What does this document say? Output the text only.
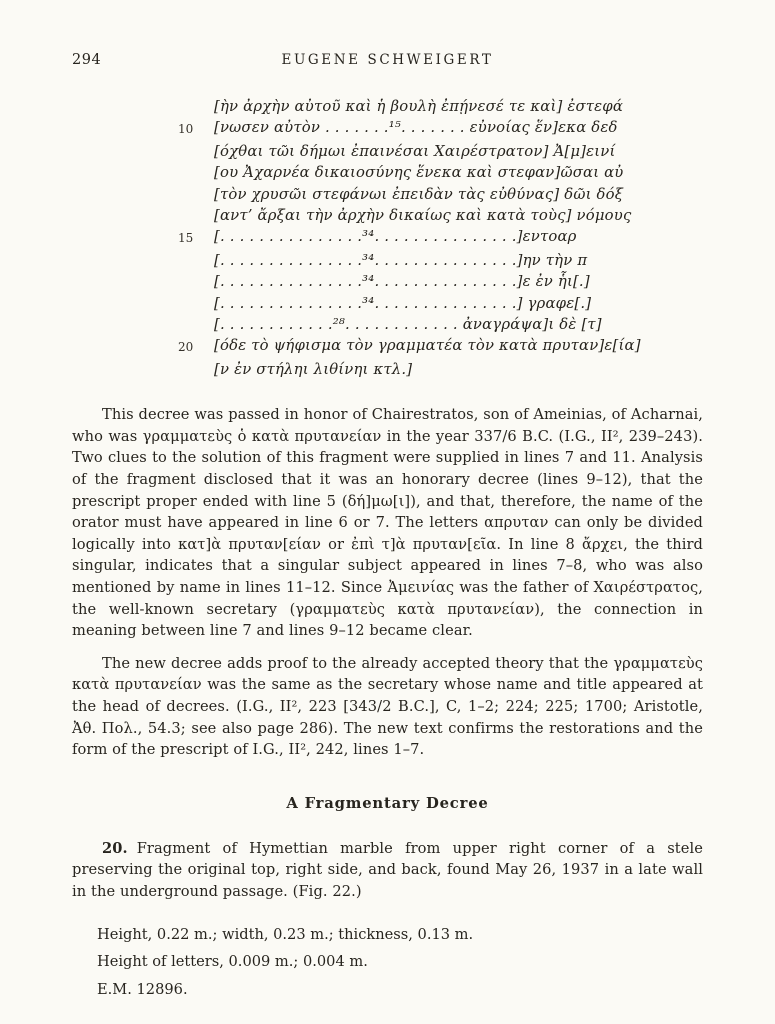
294	EUGENE SCHWEIGERT
[ὴν ἀρχὴν αὐτοῦ καὶ ἡ βουλὴ ἐπῄνεσέ τε καὶ] ἐστεφά
10	[νωσεν αὐτὸν . . . . . . .¹⁵. . . . . . . εὐνοίας ἕν]εκα δεδ
[όχθαι τῶι δήμωι ἐπαινέσαι Χαιρέστρατον] Ἀ[μ]εινί
[ου Ἀχαρνέα δικαιοσύνης ἕνεκα καὶ στεφαν]ῶσαι αὐ
[τὸν χρυσῶι στεφάνωι ἐπειδὰν τὰς εὐθύνας] δῶι δόξ
[αντ’ ἄρξαι τὴν ἀρχὴν δικαίως καὶ κατὰ τοὺς] νόμους
15	[. . . . . . . . . . . . . . .³⁴. . . . . . . . . . . . . . .]εντοαρ
[. . . . . . . . . . . . . . .³⁴. . . . . . . . . . . . . . .]ην τὴν π
[. . . . . . . . . . . . . . .³⁴. . . . . . . . . . . . . . .]ε ἐν ἧι[.]
[. . . . . . . . . . . . . . .³⁴. . . . . . . . . . . . . . .] γραφε[.]
[. . . . . . . . . . . .²⁸. . . . . . . . . . . . ἀναγράψα]ι δὲ [τ]
20	[όδε τὸ ψήφισμα τὸν γραμματέα τὸν κατὰ πρυταν]ε[ία]
[ν ἐν στήληι λιθίνηι κτλ.]

This decree was passed in honor of Chairestratos, son of Ameinias, of Acharnai, who was γραμματεὺς ὁ κατὰ πρυτανείαν in the year 337/6 B.C. (I.G., II², 239–243). Two clues to the solution of this fragment were supplied in lines 7 and 11. Analysis of the fragment disclosed that it was an honorary decree (lines 9–12), that the prescript proper ended with line 5 (δή]μω[ι]), and that, therefore, the name of the orator must have appeared in line 6 or 7. The letters απρυταν can only be divided logically into κατ]ὰ πρυταν[είαν or ἐπὶ τ]ὰ πρυταν[εῖα. In line 8 ἄρχει, the third singular, indicates that a singular subject appeared in lines 7–8, who was also mentioned by name in lines 11–12. Since Ἀμεινίας was the father of Χαιρέστρατος, the well-known secretary (γραμματεὺς κατὰ πρυτανείαν), the connection in meaning between line 7 and lines 9–12 became clear.

The new decree adds proof to the already accepted theory that the γραμματεὺς κατὰ πρυτανείαν was the same as the secretary whose name and title appeared at the head of decrees. (I.G., II², 223 [343/2 B.C.], C, 1–2; 224; 225; 1700; Aristotle, Ἀθ. Πολ., 54.3; see also page 286). The new text confirms the restorations and the form of the prescript of I.G., II², 242, lines 1–7.

A Fragmentary Decree

20. Fragment of Hymettian marble from upper right corner of a stele preserving the original top, right side, and back, found May 26, 1937 in a late wall in the underground passage. (Fig. 22.)

Height, 0.22 m.; width, 0.23 m.; thickness, 0.13 m.

Height of letters, 0.009 m.; 0.004 m.

E.M. 12896.
